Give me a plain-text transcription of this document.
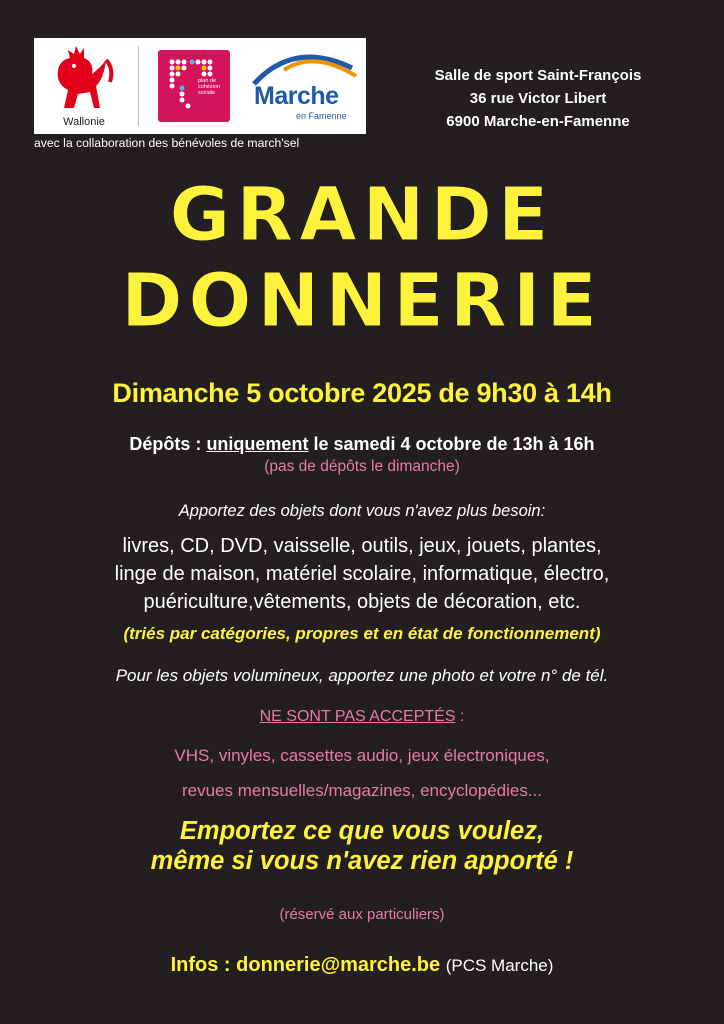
Wallonie
plan de cohésion sociale	Marche
en Famenne
avec la collaboration des bénévoles de march'sel
Salle de sport Saint-François
36 rue Victor Libert
6900 Marche-en-Famenne
GRANDE
DONNERIE
Dimanche 5 octobre 2025 de 9h30 à 14h
Dépôts : uniquement le samedi 4 octobre de 13h à 16h
(pas de dépôts le dimanche)
Apportez des objets dont vous n'avez plus besoin:
livres, CD, DVD, vaisselle, outils, jeux, jouets, plantes,
linge de maison, matériel scolaire, informatique, électro,
puériculture,vêtements, objets de décoration, etc.
(triés par catégories, propres et en état de fonctionnement)
Pour les objets volumineux, apportez une photo et votre n° de tél.
NE SONT PAS ACCEPTÉS :
VHS, vinyles, cassettes audio, jeux électroniques,
revues mensuelles/magazines, encyclopédies...
Emportez ce que vous voulez,
même si vous n'avez rien apporté !
(réservé aux particuliers)
Infos : donnerie@marche.be (PCS Marche)
